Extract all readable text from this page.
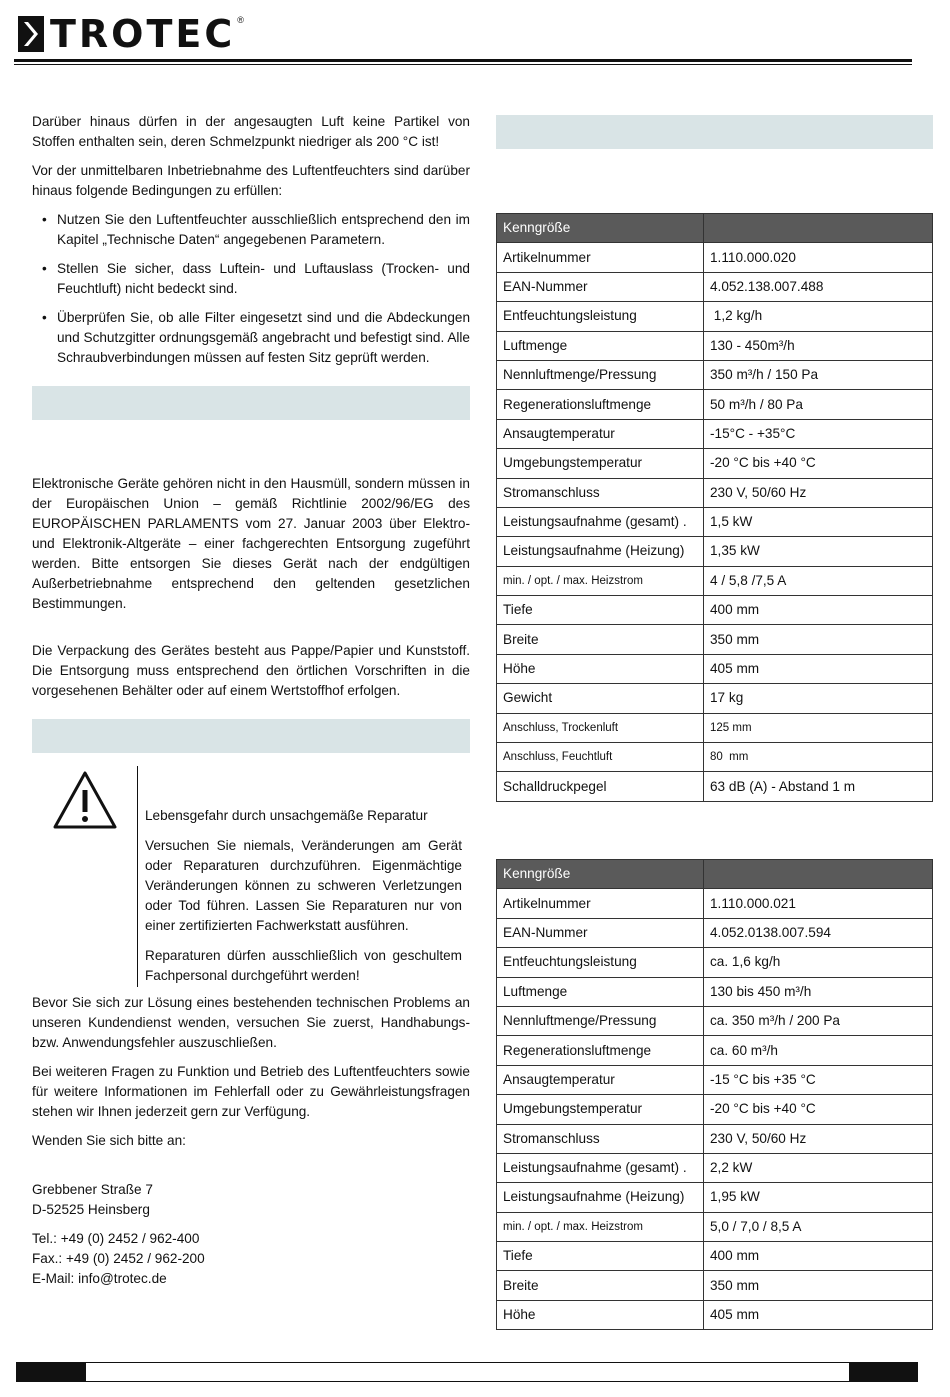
TROTEC ®

Darüber hinaus dürfen in der angesaugten Luft keine Partikel von Stoffen enthalten sein, deren Schmelzpunkt niedriger als 200 °C ist!

Vor der unmittelbaren Inbetriebnahme des Luftentfeuchters sind darüber hinaus folgende Bedingungen zu erfüllen:

• Nutzen Sie den Luftentfeuchter ausschließlich entsprechend den im Kapitel „Technische Daten“ angegebenen Parametern.
• Stellen Sie sicher, dass Luftein- und Luftauslass (Trocken- und Feuchtluft) nicht bedeckt sind.
• Überprüfen Sie, ob alle Filter eingesetzt sind und die Abdeckungen und Schutzgitter ordnungsgemäß angebracht und befestigt sind. Alle Schraubverbindungen müssen auf festen Sitz geprüft werden.

Elektronische Geräte gehören nicht in den Hausmüll, sondern müssen in der Europäischen Union – gemäß Richtlinie 2002/96/EG des EUROPÄISCHEN PARLAMENTS vom 27. Januar 2003 über Elektro- und Elektronik-Altgeräte – einer fachgerechten Entsorgung zugeführt werden. Bitte entsorgen Sie dieses Gerät nach der endgültigen Außerbetriebnahme entsprechend den geltenden gesetzlichen Bestimmungen.

Die Verpackung des Gerätes besteht aus Pappe/Papier und Kunststoff. Die Entsorgung muss entsprechend den örtlichen Vorschriften in die vorgesehenen Behälter oder auf einem Wertstoffhof erfolgen.

Lebensgefahr durch unsachgemäße Reparatur

Versuchen Sie niemals, Veränderungen am Gerät oder Reparaturen durchzuführen. Eigenmächtige Veränderungen können zu schweren Verletzungen oder Tod führen. Lassen Sie Reparaturen nur von einer zertifizierten Fachwerkstatt ausführen.

Reparaturen dürfen ausschließlich von geschultem Fachpersonal durchgeführt werden!

Bevor Sie sich zur Lösung eines bestehenden technischen Problems an unseren Kundendienst wenden, versuchen Sie zuerst, Handhabungs- bzw. Anwendungsfehler auszuschließen.

Bei weiteren Fragen zu Funktion und Betrieb des Luftentfeuchters sowie für weitere Informationen im Fehlerfall oder zu Gewährleistungsfragen stehen wir Ihnen jederzeit gern zur Verfügung.

Wenden Sie sich bitte an:

Grebbener Straße 7
D-52525 Heinsberg
Tel.: +49 (0) 2452 / 962-400
Fax.: +49 (0) 2452 / 962-200
E-Mail: info@trotec.de
Kenngröße	
Artikelnummer	1.110.000.020
EAN-Nummer	4.052.138.007.488
Entfeuchtungsleistung	1,2 kg/h
Luftmenge	130 - 450m³/h
Nennluftmenge/Pressung	350 m³/h / 150 Pa
Regenerationsluftmenge	50 m³/h / 80 Pa
Ansaugtemperatur	-15°C - +35°C
Umgebungstemperatur	-20 °C bis +40 °C
Stromanschluss	230 V, 50/60 Hz
Leistungsaufnahme (gesamt) .	1,5 kW
Leistungsaufnahme (Heizung)	1,35 kW
min. / opt. / max. Heizstrom	4 / 5,8 /7,5 A
Tiefe	400 mm
Breite	350 mm
Höhe	405 mm
Gewicht	17 kg
Anschluss, Trockenluft	125 mm
Anschluss, Feuchtluft	80  mm
Schalldruckpegel	63 dB (A) - Abstand 1 m
Kenngröße	
Artikelnummer	1.110.000.021
EAN-Nummer	4.052.0138.007.594
Entfeuchtungsleistung	ca. 1,6 kg/h
Luftmenge	130 bis 450 m³/h
Nennluftmenge/Pressung	ca. 350 m³/h / 200 Pa
Regenerationsluftmenge	ca. 60 m³/h
Ansaugtemperatur	-15 °C bis +35 °C
Umgebungstemperatur	-20 °C bis +40 °C
Stromanschluss	230 V, 50/60 Hz
Leistungsaufnahme (gesamt) .	2,2 kW
Leistungsaufnahme (Heizung)	1,95 kW
min. / opt. / max. Heizstrom	5,0 / 7,0 / 8,5 A
Tiefe	400 mm
Breite	350 mm
Höhe	405 mm
